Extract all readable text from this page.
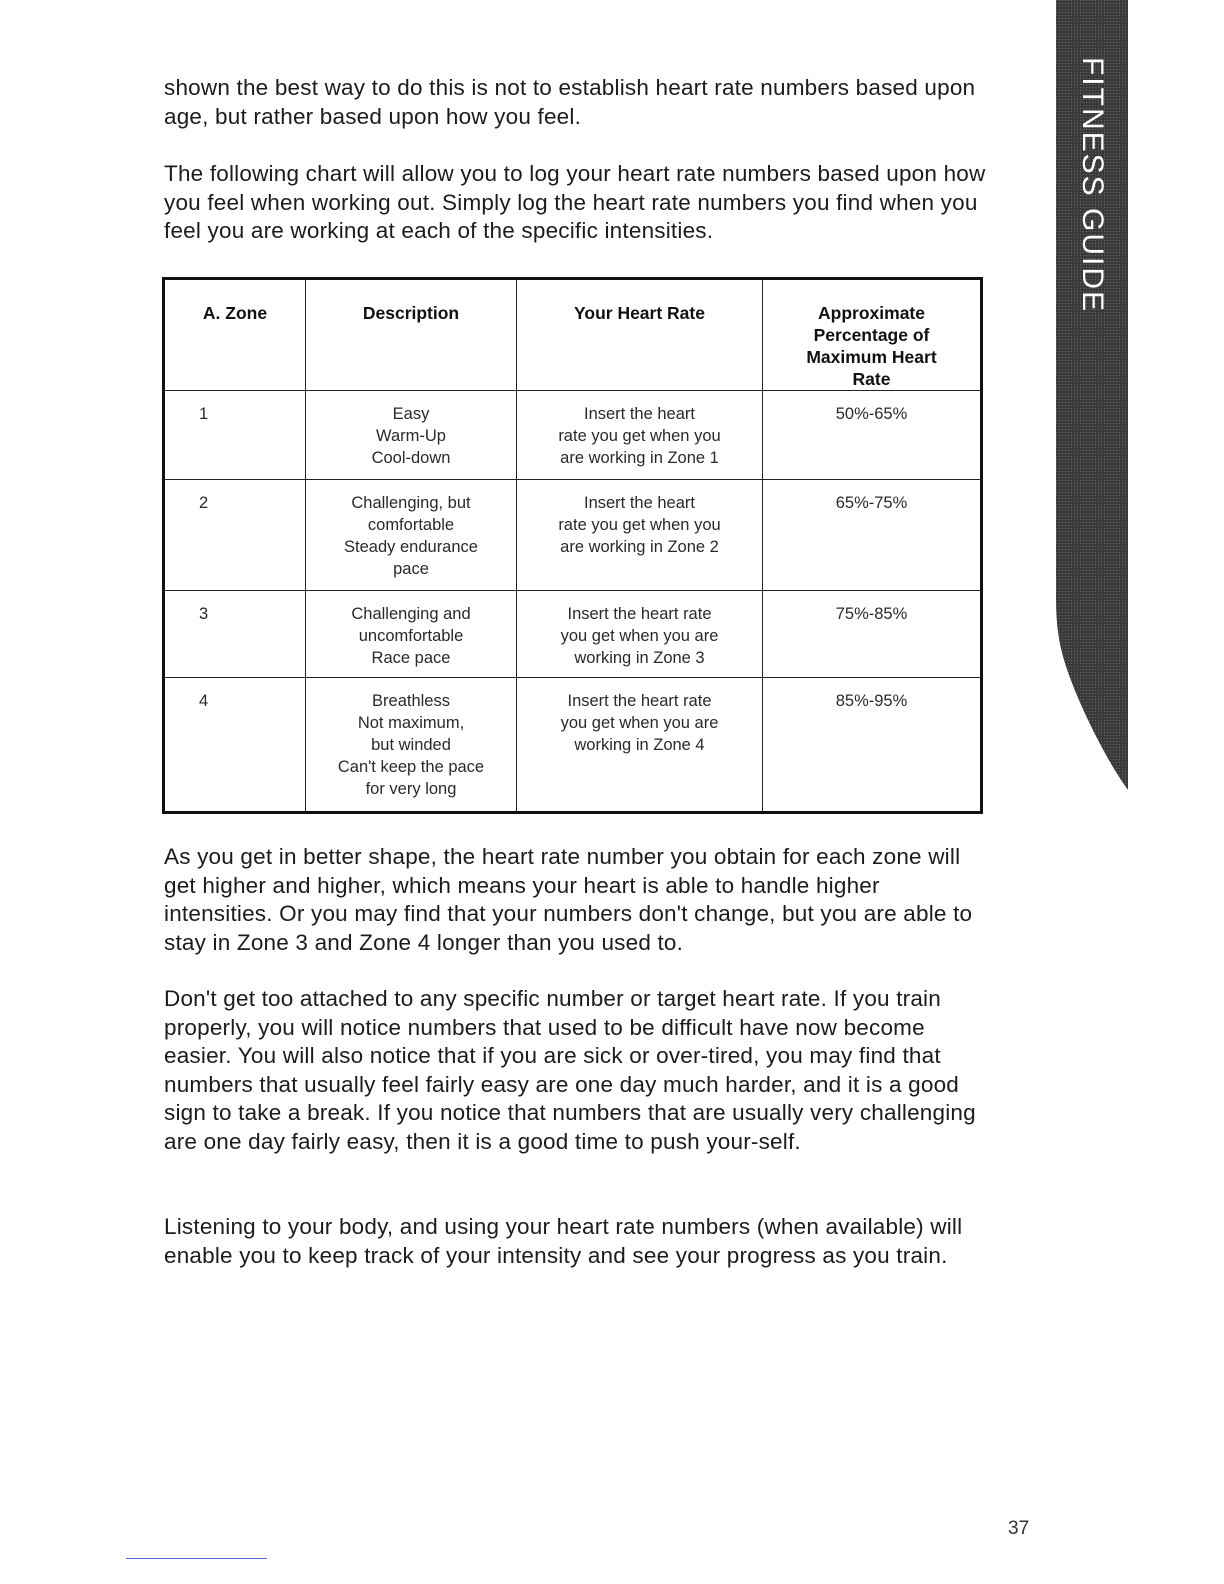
FITNESS GUIDE

shown the best way to do this is not to establish heart rate numbers based upon age, but rather based upon how you feel.

The following chart will allow you to log your heart rate numbers based upon how you feel when working out. Simply log the heart rate numbers you find when you feel you are working at each of the specific intensities.

A. Zone	Description	Your Heart Rate	Approximate
Percentage of
Maximum Heart
Rate

1	Easy
Warm-Up
Cool-down	Insert the heart
rate you get when you
are working in Zone 1	50%-65%
2	Challenging, but
comfortable
Steady endurance
pace	Insert the heart
rate you get when you
are working in Zone 2	65%-75%
3	Challenging and
uncomfortable
Race pace	Insert the heart rate
you get when you are
working in Zone 3	75%-85%
4	Breathless
Not maximum,
but winded
Can't keep the pace
for very long	Insert the heart rate
you get when you are
working in Zone 4	85%-95%

As you get in better shape, the heart rate number you obtain for each zone will get higher and higher, which means your heart is able to handle higher intensities. Or you may find that your numbers don't change, but you are able to stay in Zone 3 and Zone 4 longer than you used to.

Don't get too attached to any specific number or target heart rate. If you train properly, you will notice numbers that used to be difficult have now become easier. You will also notice that if you are sick or over-tired, you may find that numbers that usually feel fairly easy are one day much harder, and it is a good sign to take a break. If you notice that numbers that are usually very challenging are one day fairly easy, then it is a good time to push your-self.

Listening to your body, and using your heart rate numbers (when available) will enable you to keep track of your intensity and see your progress as you train.

37
